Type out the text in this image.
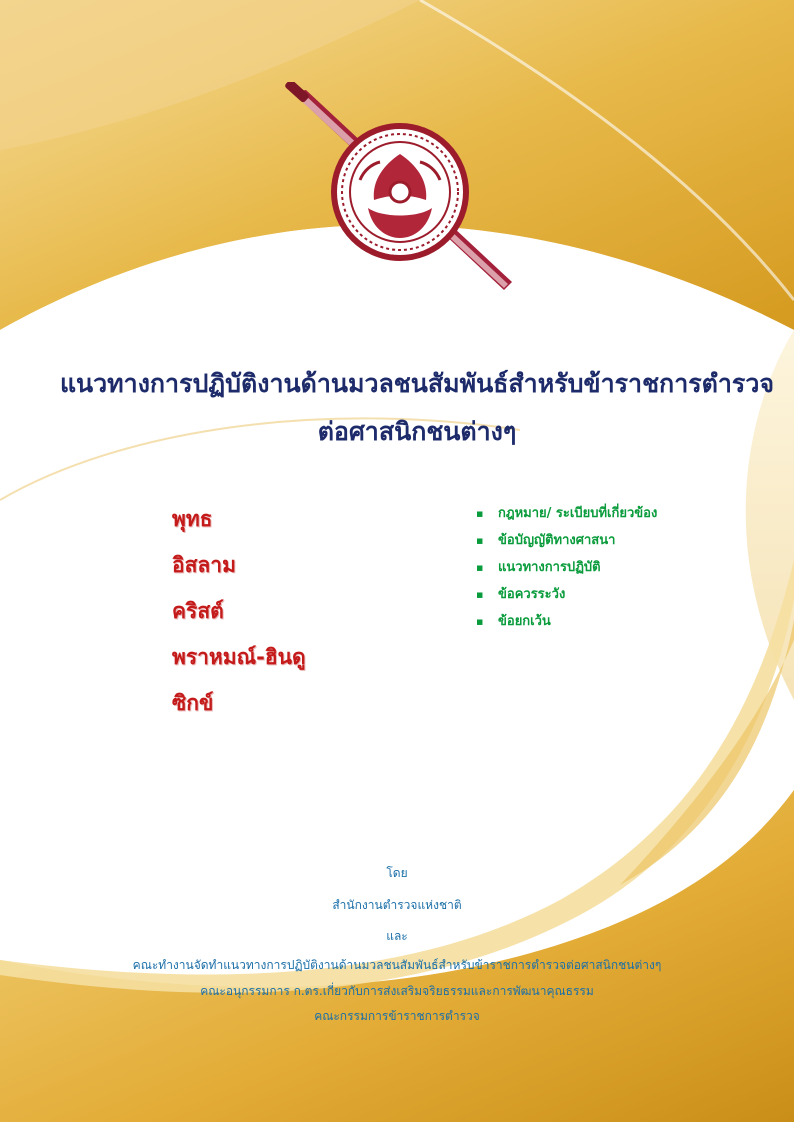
แนวทางการปฏิบัติงานด้านมวลชนสัมพันธ์สำหรับข้าราชการตำรวจ
ต่อศาสนิกชนต่างๆ
พุทธ
อิสลาม
คริสต์
พราหมณ์-ฮินดู
ซิกข์
▪ กฎหมาย/ ระเบียบที่เกี่ยวข้อง
▪ ข้อบัญญัติทางศาสนา
▪ แนวทางการปฏิบัติ
▪ ข้อควรระวัง
▪ ข้อยกเว้น
โดย
สำนักงานตำรวจแห่งชาติ
และ
คณะทำงานจัดทำแนวทางการปฏิบัติงานด้านมวลชนสัมพันธ์สำหรับข้าราชการตำรวจต่อศาสนิกชนต่างๆ
คณะอนุกรรมการ ก.ตร.เกี่ยวกับการส่งเสริมจริยธรรมและการพัฒนาคุณธรรม
คณะกรรมการข้าราชการตำรวจ
